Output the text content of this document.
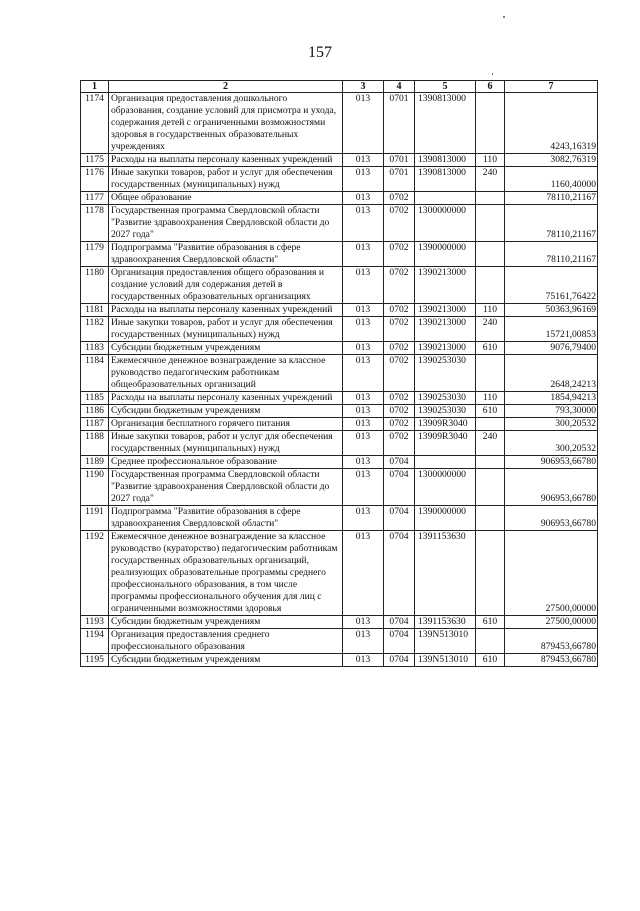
157
1	2	3	4	5	6	7
1174	Организация предоставления дошкольного образования, создание условий для присмотра и ухода, содержания детей с ограниченными возможностями здоровья в государственных образовательных учреждениях	013	0701	1390813000		4243,16319
1175	Расходы на выплаты персоналу казенных учреждений	013	0701	1390813000	110	3082,76319
1176	Иные закупки товаров, работ и услуг для обеспечения государственных (муниципальных) нужд	013	0701	1390813000	240	1160,40000
1177	Общее образование	013	0702			78110,21167
1178	Государственная программа Свердловской области "Развитие здравоохранения Свердловской области до 2027 года"	013	0702	1300000000		78110,21167
1179	Подпрограмма "Развитие образования в сфере здравоохранения Свердловской области"	013	0702	1390000000		78110,21167
1180	Организация предоставления общего образования и создание условий для содержания детей в государственных образовательных организациях	013	0702	1390213000		75161,76422
1181	Расходы на выплаты персоналу казенных учреждений	013	0702	1390213000	110	50363,96169
1182	Иные закупки товаров, работ и услуг для обеспечения государственных (муниципальных) нужд	013	0702	1390213000	240	15721,00853
1183	Субсидии бюджетным учреждениям	013	0702	1390213000	610	9076,79400
1184	Ежемесячное денежное вознаграждение за классное руководство педагогическим работникам общеобразовательных организаций	013	0702	1390253030		2648,24213
1185	Расходы на выплаты персоналу казенных учреждений	013	0702	1390253030	110	1854,94213
1186	Субсидии бюджетным учреждениям	013	0702	1390253030	610	793,30000
1187	Организация бесплатного горячего питания	013	0702	13909R3040		300,20532
1188	Иные закупки товаров, работ и услуг для обеспечения государственных (муниципальных) нужд	013	0702	13909R3040	240	300,20532
1189	Среднее профессиональное образование	013	0704			906953,66780
1190	Государственная программа Свердловской области "Развитие здравоохранения Свердловской области до 2027 года"	013	0704	1300000000		906953,66780
1191	Подпрограмма "Развитие образования в сфере здравоохранения Свердловской области"	013	0704	1390000000		906953,66780
1192	Ежемесячное денежное вознаграждение за классное руководство (кураторство) педагогическим работникам государственных образовательных организаций, реализующих образовательные программы среднего профессионального образования, в том числе программы профессионального обучения для лиц с ограниченными возможностями здоровья	013	0704	1391153630		27500,00000
1193	Субсидии бюджетным учреждениям	013	0704	1391153630	610	27500,00000
1194	Организация предоставления среднего профессионального образования	013	0704	139N513010		879453,66780
1195	Субсидии бюджетным учреждениям	013	0704	139N513010	610	879453,66780
